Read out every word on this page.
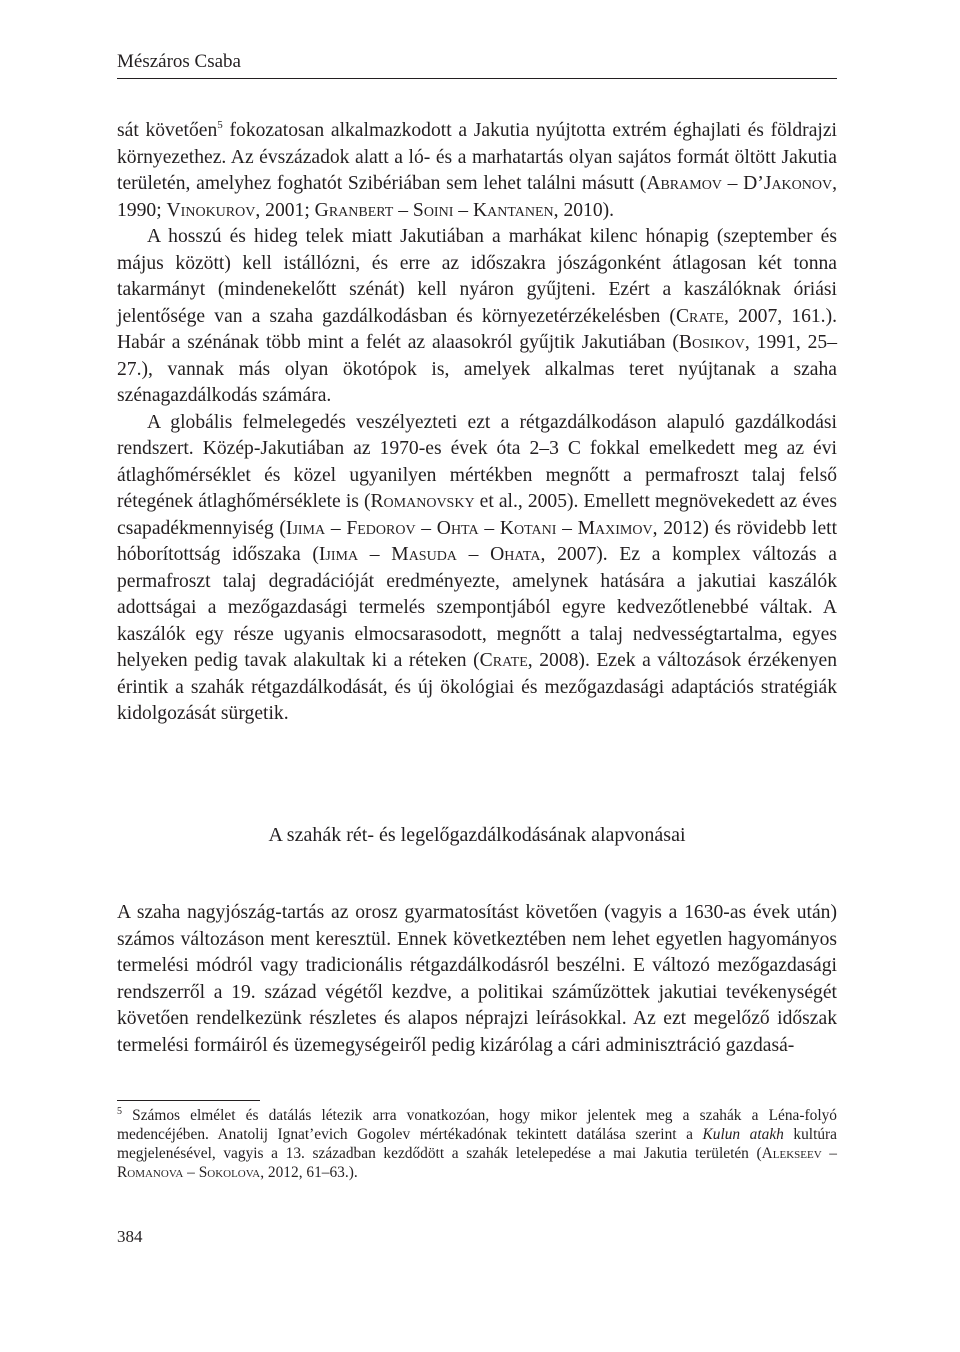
Mészáros Csaba

sát követően$^5$ fokozatosan alkalmazkodott a Jakutia nyújtotta extrém éghajlati és földrajzi környezethez. Az évszázadok alatt a ló- és a marhatartás olyan sajátos formát öltött Jakutia területén, amelyhez foghatót Szibériában sem lehet találni másutt (Abramov – D’Jakonov, 1990; Vinokurov, 2001; Granbert – Soini – Kantanen, 2010).

A hosszú és hideg telek miatt Jakutiában a marhákat kilenc hónapig (szeptember és május között) kell istállózni, és erre az időszakra jószágonként átlagosan két tonna takarmányt (mindenekelőtt szénát) kell nyáron gyűjteni. Ezért a kaszálóknak óriási jelentősége van a szaha gazdálkodásban és környezetérzékelésben (Crate, 2007, 161.). Habár a szénának több mint a felét az alaasokról gyűjtik Jakutiában (Bosikov, 1991, 25–27.), vannak más olyan ökotópok is, amelyek alkalmas teret nyújtanak a szaha szénagazdálkodás számára.

A globális felmelegedés veszélyezteti ezt a rétgazdálkodáson alapuló gazdálkodási rendszert. Közép-Jakutiában az 1970-es évek óta 2–3 C fokkal emelkedett meg az évi átlaghőmérséklet és közel ugyanilyen mértékben megnőtt a permafroszt talaj felső rétegének átlaghőmérséklete is (Romanovsky et al., 2005). Emellett megnövekedett az éves csapadékmennyiség (Ijima – Fedorov – Ohta – Kotani – Maximov, 2012) és rövidebb lett hóborítottság időszaka (Ijima – Masuda – Ohata, 2007). Ez a komplex változás a permafroszt talaj degradációját eredményezte, amelynek hatására a jakutiai kaszálók adottságai a mezőgazdasági termelés szempontjából egyre kedvezőtlenebbé váltak. A kaszálók egy része ugyanis elmocsarasodott, megnőtt a talaj nedvességtartalma, egyes helyeken pedig tavak alakultak ki a réteken (Crate, 2008). Ezek a változások érzékenyen érintik a szahák rétgazdálkodását, és új ökológiai és mezőgazdasági adaptációs stratégiák kidolgozását sürgetik.

A szahák rét- és legelőgazdálkodásának alapvonásai

A szaha nagyjószág-tartás az orosz gyarmatosítást követően (vagyis a 1630-as évek után) számos változáson ment keresztül. Ennek következtében nem lehet egyetlen hagyományos termelési módról vagy tradicionális rétgazdálkodásról beszélni. E változó mezőgazdasági rendszerről a 19. század végétől kezdve, a politikai száműzöttek jakutiai tevékenységét követően rendelkezünk részletes és alapos néprajzi leírásokkal. Az ezt megelőző időszak termelési formáiról és üzemegységeiről pedig kizárólag a cári adminisztráció gazdasá-

$^5$ Számos elmélet és datálás létezik arra vonatkozóan, hogy mikor jelentek meg a szahák a Léna-folyó medencéjében. Anatolij Ignat’evich Gogolev mértékadónak tekintett datálása szerint a Kulun atakh kultúra megjelenésével, vagyis a 13. században kezdődött a szahák letelepedése a mai Jakutia területén (Alekseev – Romanova – Sokolova, 2012, 61–63.).

384
